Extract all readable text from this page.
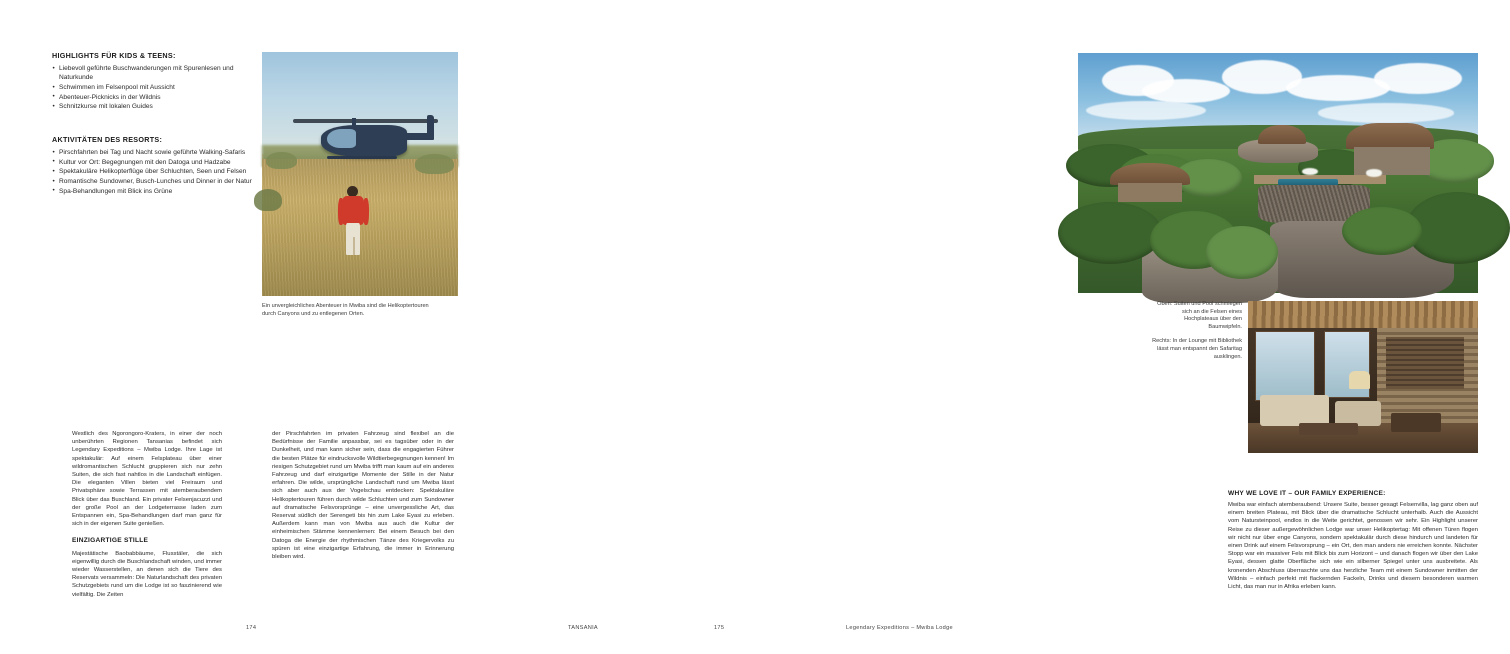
HIGHLIGHTS FÜR KIDS & TEENS:
• Liebevoll geführte Buschwanderungen mit Spurenlesen und Naturkunde
• Schwimmen im Felsenpool mit Aussicht
• Abenteuer-Picknicks in der Wildnis
• Schnitzkurse mit lokalen Guides
AKTIVITÄTEN DES RESORTS:
• Pirschfahrten bei Tag und Nacht sowie geführte Walking-Safaris
• Kultur vor Ort: Begegnungen mit den Datoga und Hadzabe
• Spektakuläre Helikopterflüge über Schluchten, Seen und Felsen
• Romantische Sundowner, Busch-Lunches und Dinner in der Natur
• Spa-Behandlungen mit Blick ins Grüne
Ein unvergleichliches Abenteuer in Mwiba sind die Helikoptertouren durch Canyons und zu entlegenen Orten.

Westlich des Ngorongoro-Kraters, in einer der noch unberührten Regionen Tansanias befindet sich Legendary Expeditions – Mwiba Lodge. Ihre Lage ist spektakulär: Auf einem Felsplateau über einer wildromantischen Schlucht gruppieren sich nur zehn Suiten, die sich fast nahtlos in die Landschaft einfügen. Die eleganten Villen bieten viel Freiraum und Privatsphäre sowie Terrassen mit atemberaubendem Blick über das Buschland. Ein privater Felsenjacuzzi und der große Pool an der Lodgeterrasse laden zum Entspannen ein, Spa-Behandlungen darf man ganz für sich in der eigenen Suite genießen.

EINZIGARTIGE STILLE

Majestätische Baobabbäume, Flusstäler, die sich eigenwillig durch die Buschlandschaft winden, und immer wieder Wasserstellen, an denen sich die Tiere des Reservats versammeln: Die Naturlandschaft des privaten Schutzgebiets rund um die Lodge ist so faszinierend wie vielfältig. Die Zeiten

der Pirschfahrten im privaten Fahrzeug sind flexibel an die Bedürfnisse der Familie anpassbar, sei es tagsüber oder in der Dunkelheit, und man kann sicher sein, dass die engagierten Führer die besten Plätze für eindrucksvolle Wildtierbegegnungen kennen! Im riesigen Schutzgebiet rund um Mwiba trifft man kaum auf ein anderes Fahrzeug und darf einzigartige Momente der Stille in der Natur erfahren. Die wilde, ursprüngliche Landschaft rund um Mwiba lässt sich aber auch aus der Vogelschau entdecken: Spektakuläre Helikoptertouren führen durch wilde Schluchten und zum Sundowner auf dramatische Felsvorsprünge – eine unvergessliche Art, das Reservat südlich der Serengeti bis hin zum Lake Eyasi zu erleben. Außerdem kann man von Mwiba aus auch die Kultur der einheimischen Stämme kennenlernen: Bei einem Besuch bei den Datoga die Energie der rhythmischen Tänze des Kriegervolks zu spüren ist eine einzigartige Erfahrung, die immer in Erinnerung bleiben wird.

Oben: Suiten und Pool schmiegen sich an die Felsen eines Hochplateaus über den Baumwipfeln.

Rechts: In der Lounge mit Bibliothek lässt man entspannt den Safaritag ausklingen.

WHY WE LOVE IT – OUR FAMILY EXPERIENCE:

Mwiba war einfach atemberaubend: Unsere Suite, besser gesagt Felsenvilla, lag ganz oben auf einem breiten Plateau, mit Blick über die dramatische Schlucht unterhalb. Auch die Aussicht vom Natursteinpool, endlos in die Weite gerichtet, genossen wir sehr. Ein Highlight unserer Reise zu dieser außergewöhnlichen Lodge war unser Helikoptertag: Mit offenen Türen flogen wir nicht nur über enge Canyons, sondern spektakulär durch diese hindurch und landeten für einen Drink auf einem Felsvorsprung – ein Ort, den man anders nie erreichen konnte. Nächster Stopp war ein massiver Fels mit Blick bis zum Horizont – und danach flogen wir über den Lake Eyasi, dessen glatte Oberfläche sich wie ein silberner Spiegel unter uns ausbreitete. Als kronenden Abschluss überraschte uns das herzliche Team mit einem Sundowner inmitten der Wildnis – einfach perfekt mit flackernden Fackeln, Drinks und diesem besonderen warmen Licht, das man nur in Afrika erleben kann.

174	TANSANIA	175	Legendary Expeditions – Mwiba Lodge
